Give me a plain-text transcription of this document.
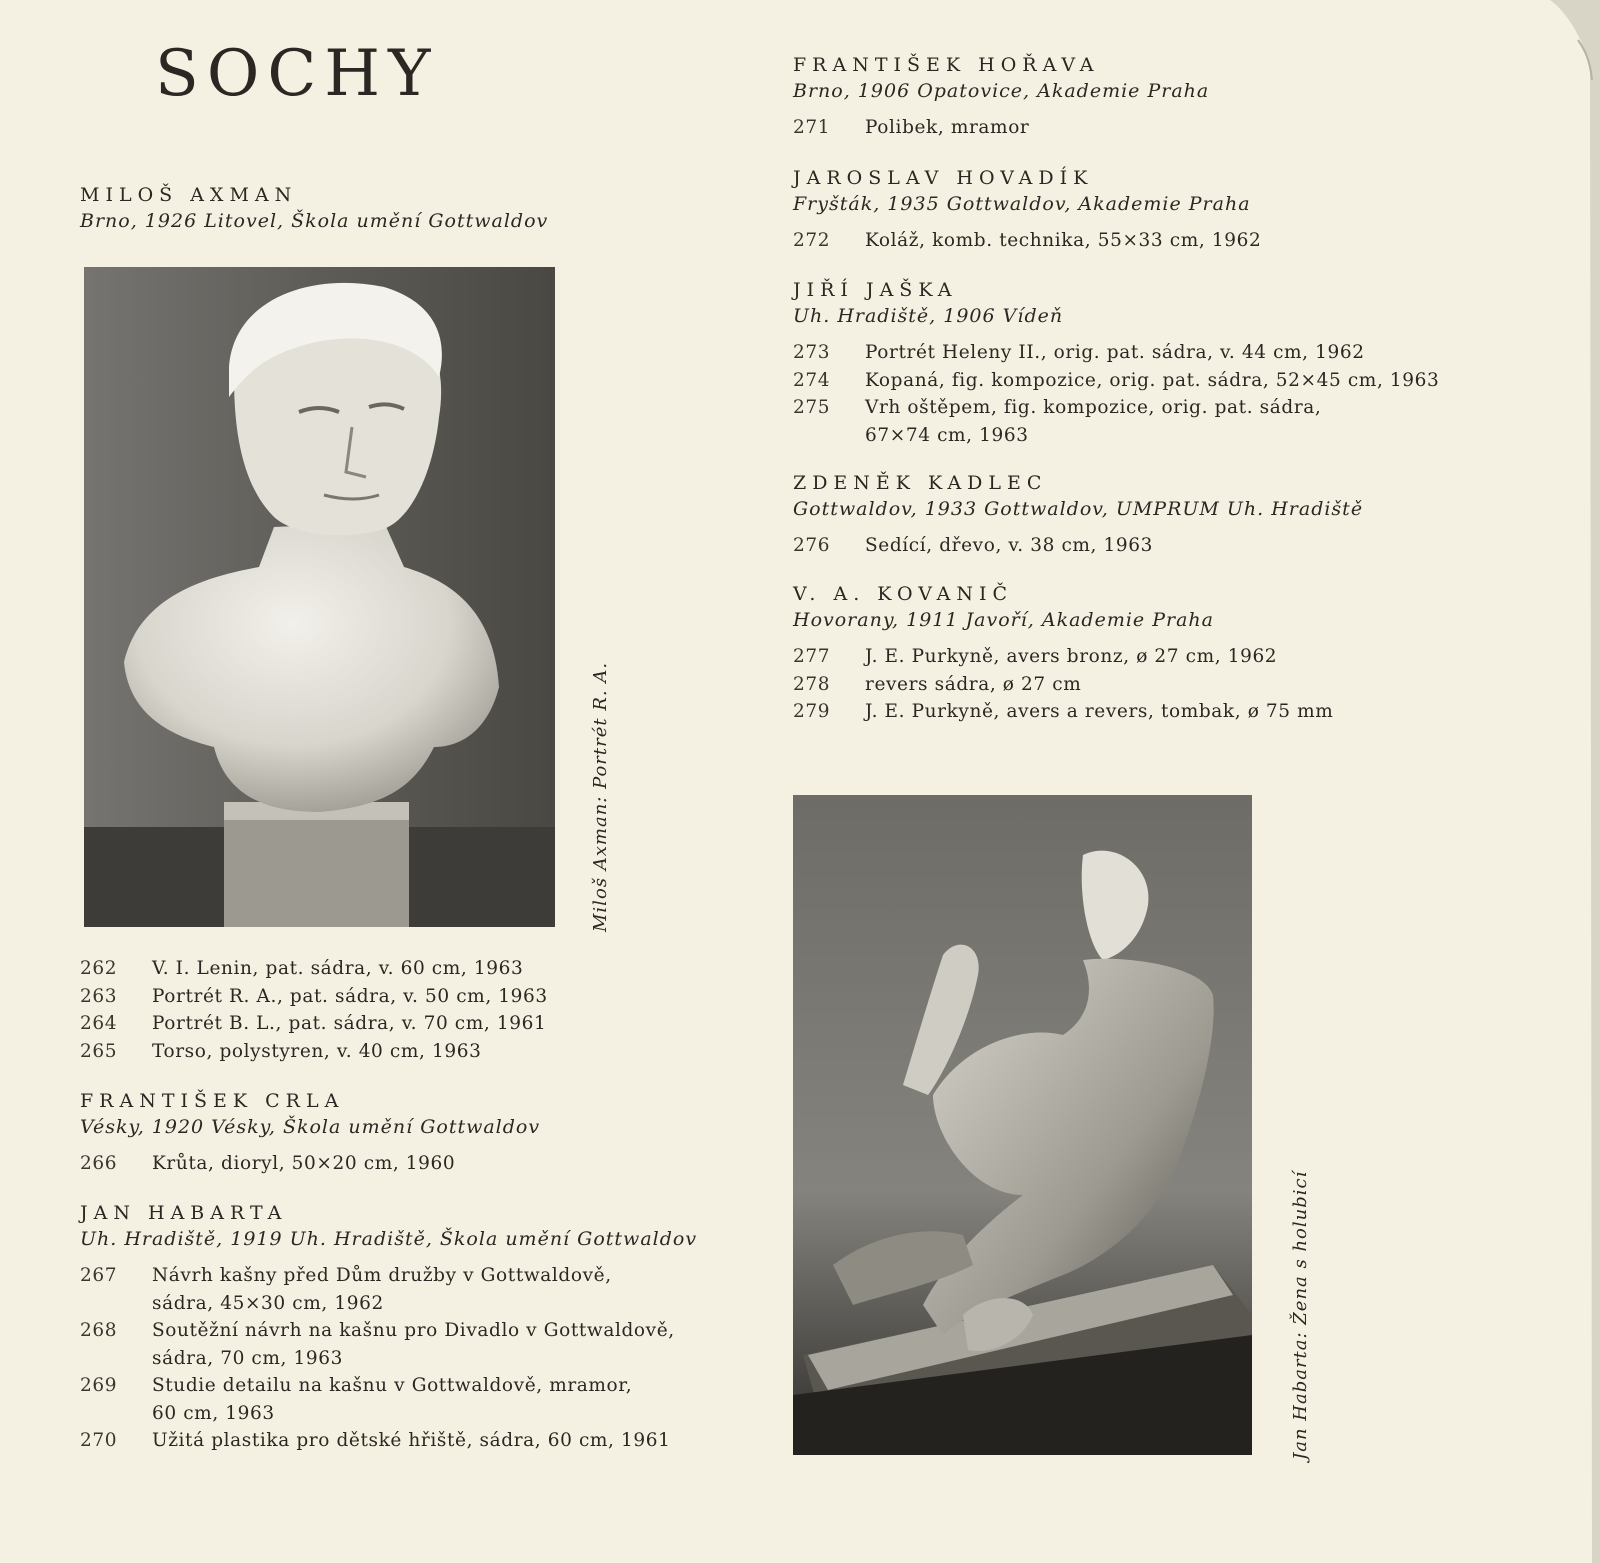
SOCHY
MILOŠ AXMAN
Brno, 1926 Litovel, Škola umění Gottwaldov
Miloš Axman: Portrét R. A.
262	V. I. Lenin, pat. sádra, v. 60 cm, 1963
263	Portrét R. A., pat. sádra, v. 50 cm, 1963
264	Portrét B. L., pat. sádra, v. 70 cm, 1961
265	Torso, polystyren, v. 40 cm, 1963
FRANTIŠEK CRLA
Vésky, 1920 Vésky, Škola umění Gottwaldov
266	Krůta, dioryl, 50×20 cm, 1960
JAN HABARTA
Uh. Hradiště, 1919 Uh. Hradiště, Škola umění Gottwaldov
267	Návrh kašny před Dům družby v Gottwaldově,
sádra, 45×30 cm, 1962
268	Soutěžní návrh na kašnu pro Divadlo v Gottwaldově,
sádra, 70 cm, 1963
269	Studie detailu na kašnu v Gottwaldově, mramor,
60 cm, 1963
270	Užitá plastika pro dětské hřiště, sádra, 60 cm, 1961
FRANTIŠEK HOŘAVA
Brno, 1906 Opatovice, Akademie Praha
271	Polibek, mramor
JAROSLAV HOVADÍK
Fryšták, 1935 Gottwaldov, Akademie Praha
272	Koláž, komb. technika, 55×33 cm, 1962
JIŘÍ JAŠKA
Uh. Hradiště, 1906 Vídeň
273	Portrét Heleny II., orig. pat. sádra, v. 44 cm, 1962
274	Kopaná, fig. kompozice, orig. pat. sádra, 52×45 cm, 1963
275	Vrh oštěpem, fig. kompozice, orig. pat. sádra,
67×74 cm, 1963
ZDENĚK KADLEC
Gottwaldov, 1933 Gottwaldov, UMPRUM Uh. Hradiště
276	Sedící, dřevo, v. 38 cm, 1963
V. A. KOVANIČ
Hovorany, 1911 Javoří, Akademie Praha
277	J. E. Purkyně, avers bronz, ø 27 cm, 1962
278	revers sádra, ø 27 cm
279	J. E. Purkyně, avers a revers, tombak, ø 75 mm
Jan Habarta: Žena s holubicí
